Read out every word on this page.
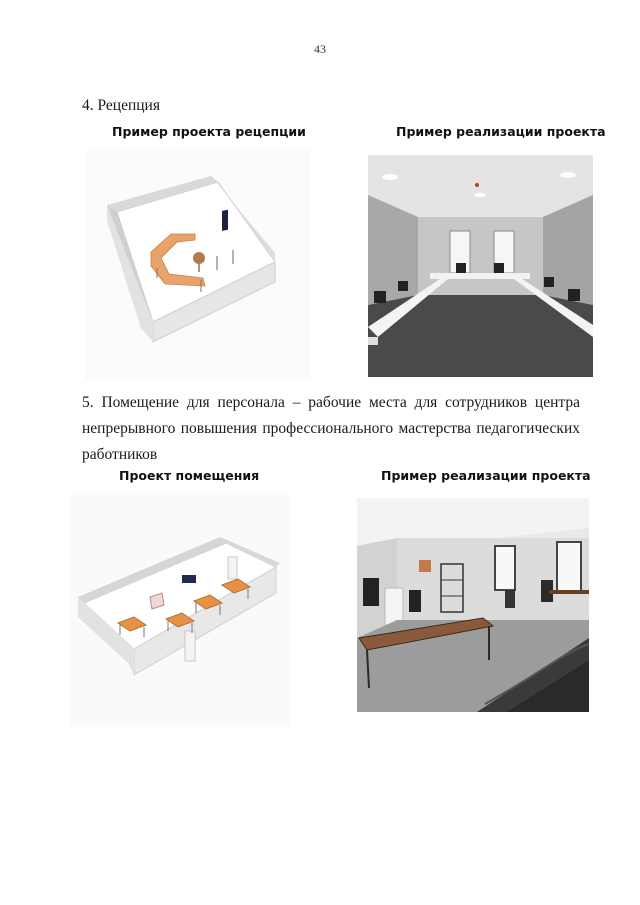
43
4. Рецепция
Пример проекта рецепции	Пример реализации проекта
5. Помещение для персонала – рабочие места для сотрудников центра
непрерывного повышения профессионального мастерства педагогических
работников
Проект помещения	Пример реализации проекта
